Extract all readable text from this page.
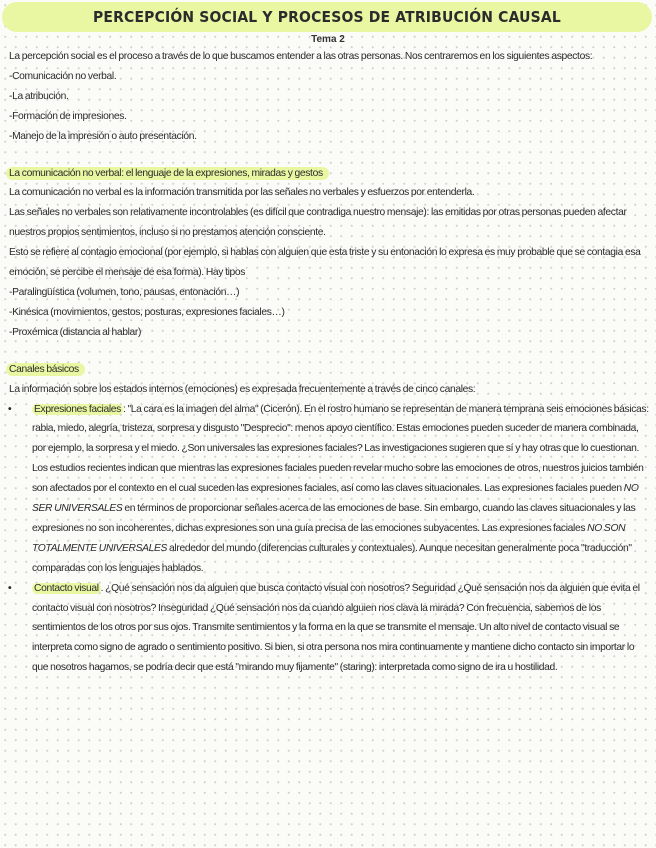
PERCEPCIÓN SOCIAL Y PROCESOS DE ATRIBUCIÓN CAUSAL
Tema 2

La percepción social es el proceso a través de lo que buscamos entender a las otras personas. Nos centraremos en los siguientes aspectos:

-Comunicación no verbal.

-La atribución.

-Formación de impresiones.

-Manejo de la impresión o auto presentación.

La comunicación no verbal: el lenguaje de la expresiones, miradas y gestos

La comunicación no verbal es la información transmitida por las señales no verbales y esfuerzos por entenderla.

Las señales no verbales son relativamente incontrolables (es difícil que contradiga nuestro mensaje): las emitidas por otras personas pueden afectar nuestros propios sentimientos, incluso si no prestamos atención consciente.

Esto se refiere al contagio emocional (por ejemplo, si hablas con alguien que esta triste y su entonación lo expresa es muy probable que se contagia esa emoción, se percibe el mensaje de esa forma). Hay tipos

-Paralingüística (volumen, tono, pausas, entonación…)

-Kinésica (movimientos, gestos, posturas, expresiones faciales…)

-Proxémica (distancia al hablar)

Canales básicos

La información sobre los estados internos (emociones) es expresada frecuentemente a través de cinco canales:

• Expresiones faciales : "La cara es la imagen del alma" (Cicerón). En el rostro humano se representan de manera temprana seis emociones básicas: rabia, miedo, alegría, tristeza, sorpresa y disgusto "Desprecio": menos apoyo científico. Estas emociones pueden suceder de manera combinada, por ejemplo, la sorpresa y el miedo. ¿Son universales las expresiones faciales? Las investigaciones sugieren que sí y hay otras que lo cuestionan. Los estudios recientes indican que mientras las expresiones faciales pueden revelar mucho sobre las emociones de otros, nuestros juicios también son afectados por el contexto en el cual suceden las expresiones faciales, así como las claves situacionales. Las expresiones faciales pueden NO SER UNIVERSALES en términos de proporcionar señales acerca de las emociones de base. Sin embargo, cuando las claves situacionales y las expresiones no son incoherentes, dichas expresiones son una guía precisa de las emociones subyacentes. Las expresiones faciales NO SON TOTALMENTE UNIVERSALES alrededor del mundo (diferencias culturales y contextuales). Aunque necesitan generalmente poca "traducción" comparadas con los lenguajes hablados.
• Contacto visual . ¿Qué sensación nos da alguien que busca contacto visual con nosotros? Seguridad ¿Qué sensación nos da alguien que evita el contacto visual con nosotros? Inseguridad ¿Qué sensación nos da cuando alguien nos clava la mirada? Con frecuencia, sabemos de los sentimientos de los otros por sus ojos. Transmite sentimientos y la forma en la que se transmite el mensaje. Un alto nivel de contacto visual se interpreta como signo de agrado o sentimiento positivo. Si bien, si otra persona nos mira continuamente y mantiene dicho contacto sin importar lo que nosotros hagamos, se podría decir que está "mirando muy fijamente" (staring): interpretada como signo de ira u hostilidad.
